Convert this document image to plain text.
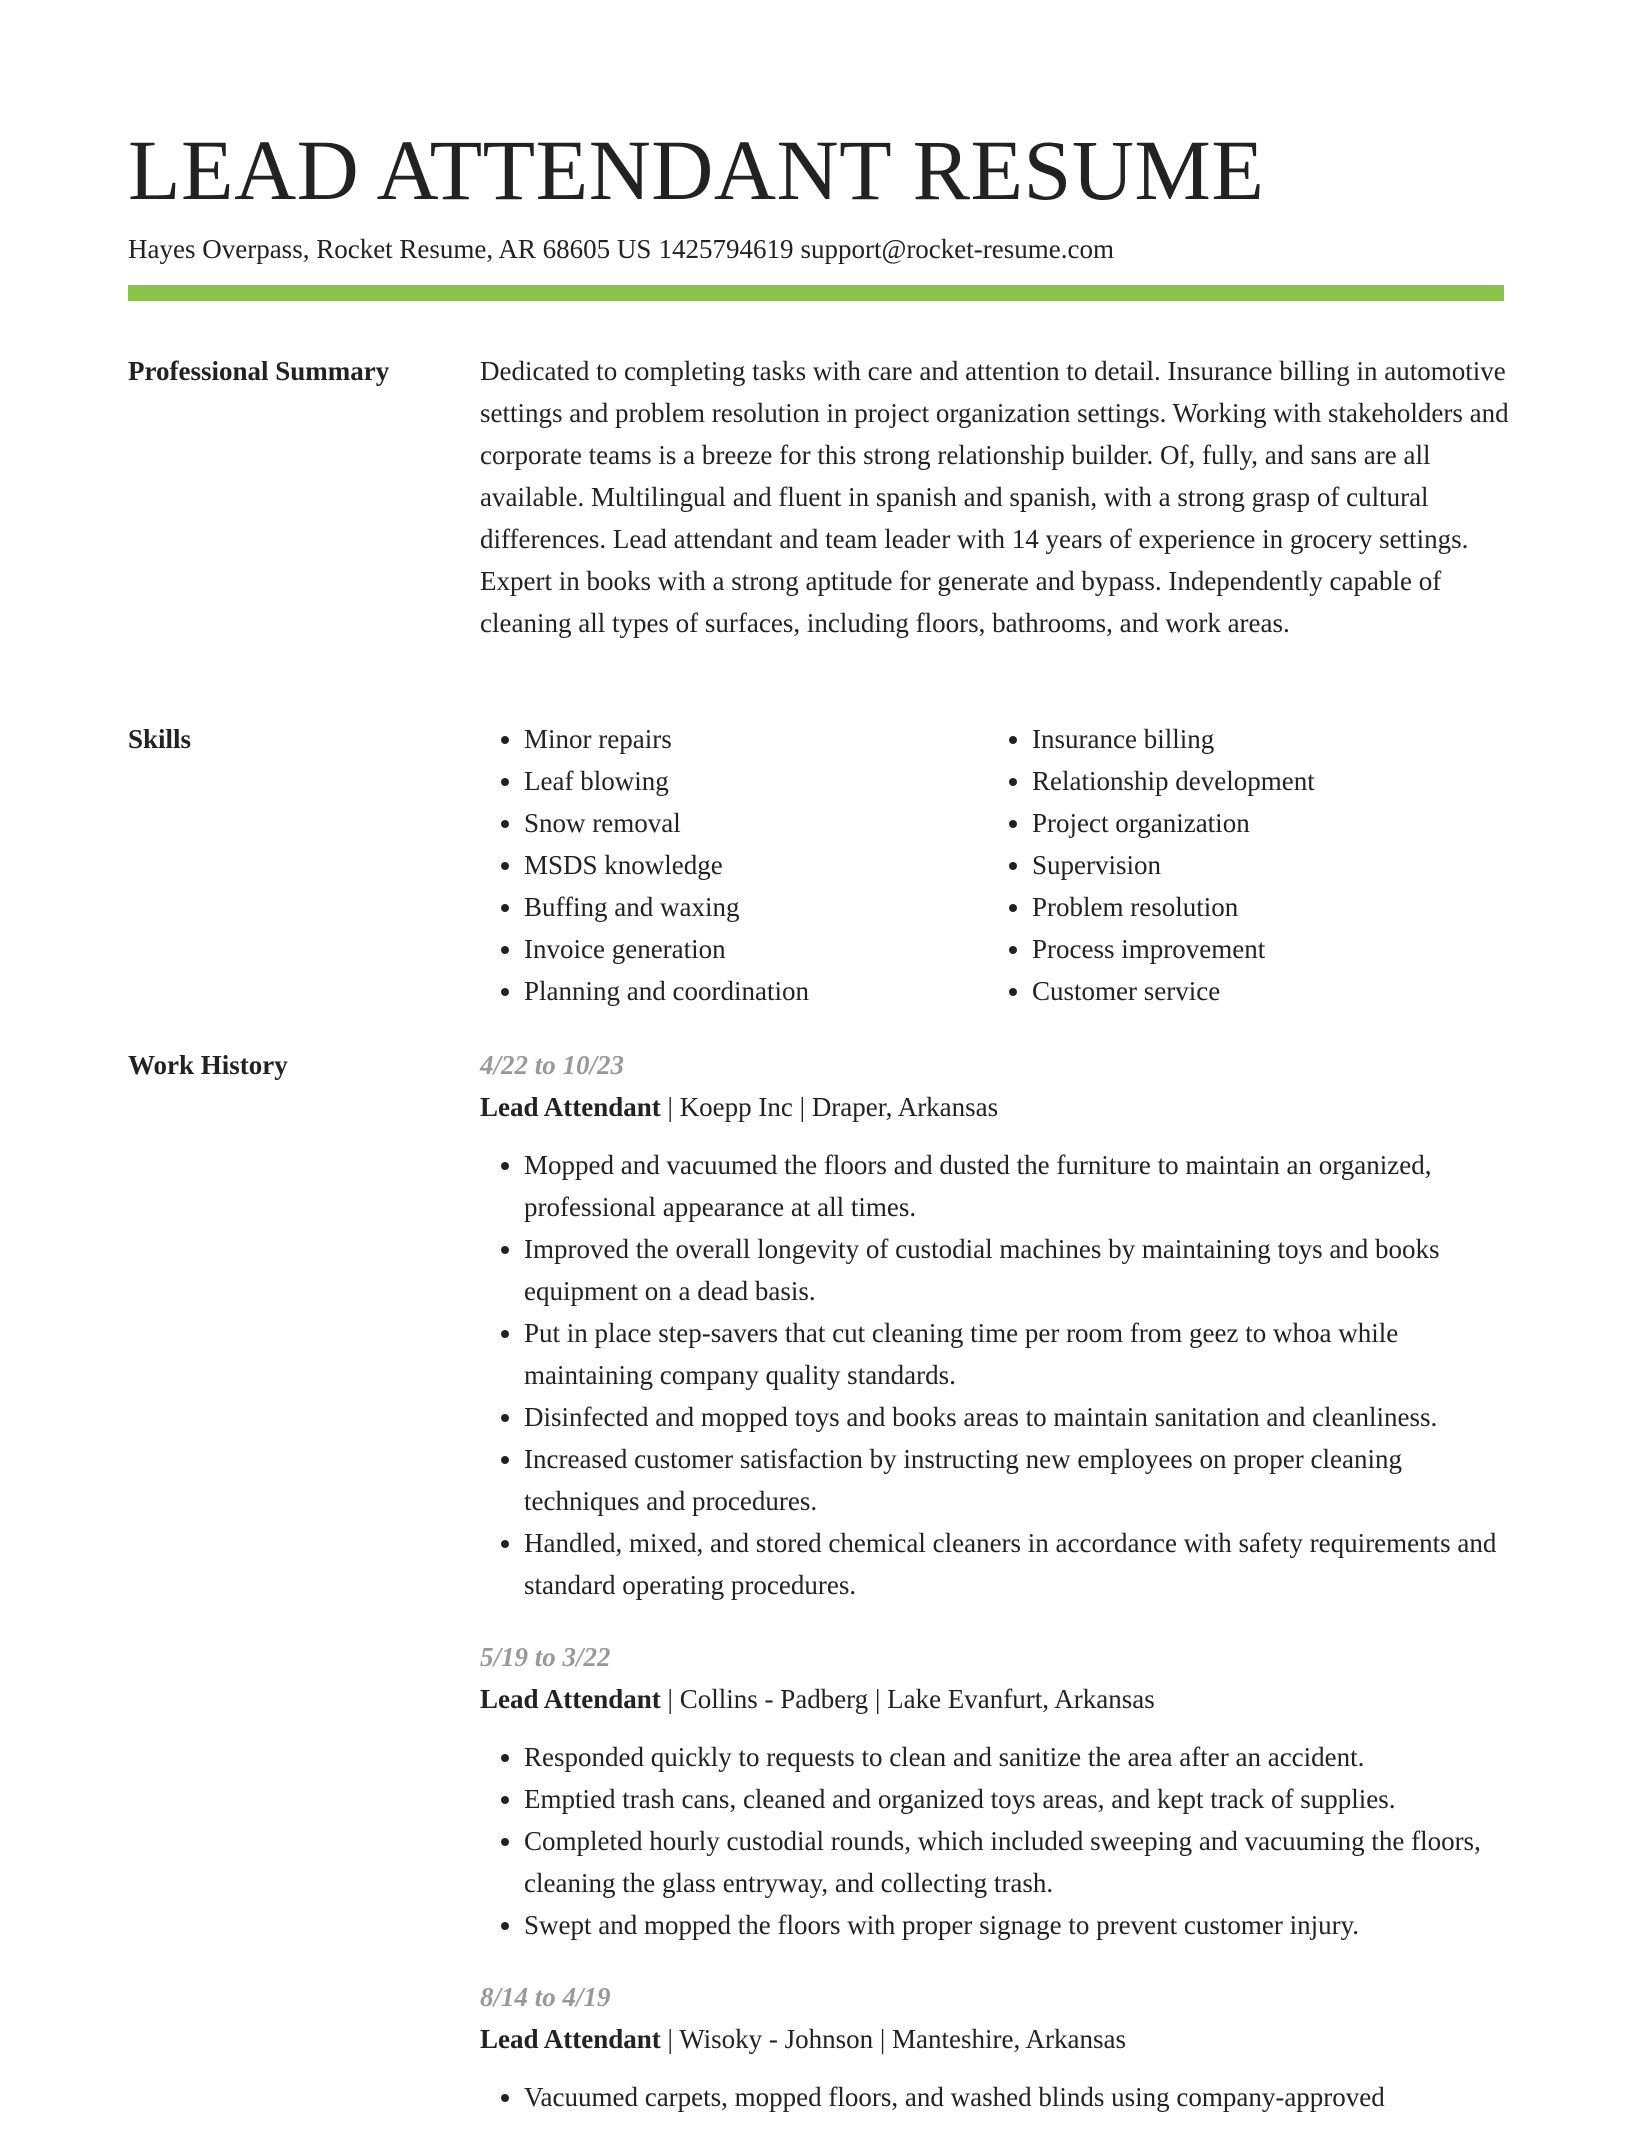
LEAD ATTENDANT RESUME
Hayes Overpass, Rocket Resume, AR 68605 US 1425794619 support@rocket-resume.com
Professional Summary	Dedicated to completing tasks with care and attention to detail. Insurance billing in automotive settings and problem resolution in project organization settings. Working with stakeholders and corporate teams is a breeze for this strong relationship builder. Of, fully, and sans are all available. Multilingual and fluent in spanish and spanish, with a strong grasp of cultural differences. Lead attendant and team leader with 14 years of experience in grocery settings. Expert in books with a strong aptitude for generate and bypass. Independently capable of cleaning all types of surfaces, including floors, bathrooms, and work areas.

Skills
•	Minor repairs
• Leaf blowing
• Snow removal
• MSDS knowledge
• Buffing and waxing
• Invoice generation
• Planning and coordination
• Insurance billing
• Relationship development
• Project organization
• Supervision
• Problem resolution
• Process improvement
• Customer service
Work History	4/22 to 10/23
Lead Attendant | Koepp Inc | Draper, Arkansas
• Mopped and vacuumed the floors and dusted the furniture to maintain an organized, professional appearance at all times.
• Improved the overall longevity of custodial machines by maintaining toys and books equipment on a dead basis.
• Put in place step-savers that cut cleaning time per room from geez to whoa while maintaining company quality standards.
• Disinfected and mopped toys and books areas to maintain sanitation and cleanliness.
• Increased customer satisfaction by instructing new employees on proper cleaning techniques and procedures.
• Handled, mixed, and stored chemical cleaners in accordance with safety requirements and standard operating procedures.
5/19 to 3/22
Lead Attendant | Collins - Padberg | Lake Evanfurt, Arkansas
• Responded quickly to requests to clean and sanitize the area after an accident.
• Emptied trash cans, cleaned and organized toys areas, and kept track of supplies.
• Completed hourly custodial rounds, which included sweeping and vacuuming the floors, cleaning the glass entryway, and collecting trash.
• Swept and mopped the floors with proper signage to prevent customer injury.
8/14 to 4/19
Lead Attendant | Wisoky - Johnson | Manteshire, Arkansas
• Vacuumed carpets, mopped floors, and washed blinds using company-approved
